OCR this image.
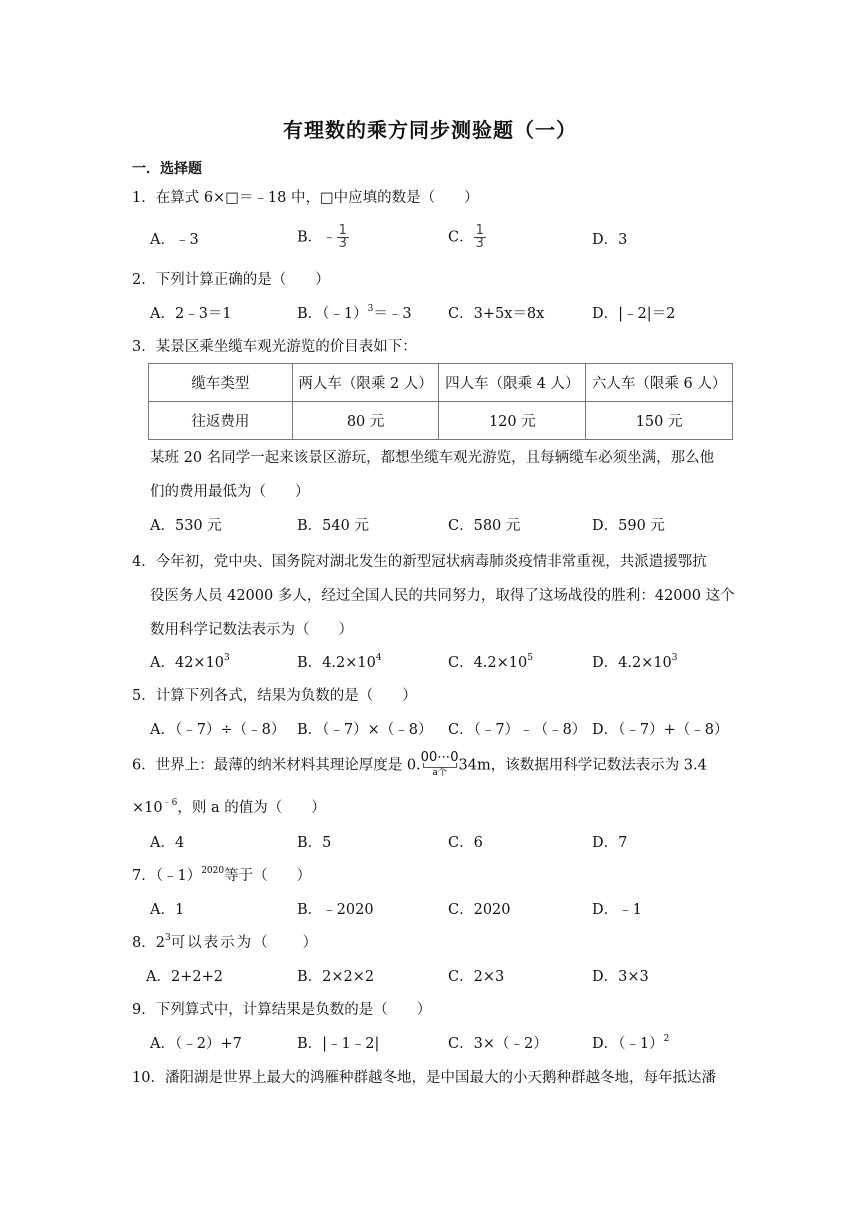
有理数的乘方同步测验题（一）
一．选择题
1．在算式 6×□＝﹣18 中，□中应填的数是（　　）
A．﹣3	B．﹣ $\frac{1}{3}$	C． $\frac{1}{3}$	D．3
2．下列计算正确的是（　　）
A．2﹣3＝1	B．（﹣1）$^3$＝﹣3	C．3+5x＝8x	D．|﹣2|＝2
3．某景区乘坐缆车观光游览的价目表如下：
缆车类型	两人车（限乘 2 人）	四人车（限乘 4 人）	六人车（限乘 6 人）
往返费用	80 元	120 元	150 元
某班 20 名同学一起来该景区游玩，都想坐缆车观光游览，且每辆缆车必须坐满，那么他
们的费用最低为（　　）
A．530 元	B．540 元	C．580 元	D．590 元
4．今年初，党中央、国务院对湖北发生的新型冠状病毒肺炎疫情非常重视，共派遣援鄂抗
役医务人员 42000 多人，经过全国人民的共同努力，取得了这场战役的胜利：42000 这个
数用科学记数法表示为（　　）
A．$42\times 10^3$	B．$4.2\times 10^4$	C．$4.2\times 10^5$	D．$4.2\times 10^3$
5．计算下列各式，结果为负数的是（　　）
A．（﹣7）÷（﹣8） B．（﹣7）×（﹣8） C．（﹣7）﹣（﹣8） D．（﹣7）+（﹣8）
6．世界上：最薄的纳米材料其理论厚度是 0. 00⋯0
a个 34m，该数据用科学记数法表示为 3.4
$\times 10^{﹣6}$，则 a 的值为（　　）
A．4	B．5	C．6	D．7
7．（﹣1）$^{2020}$等于（　　）
A．1	B．﹣2020	C．2020	D．﹣1
8．$2^3$可以表示为（　　）
A．2+2+2	B．2×2×2	C．2×3	D．3×3
9．下列算式中，计算结果是负数的是（　　）
A．（﹣2）+7	B．|﹣1﹣2|	C．3×（﹣2）	D．（﹣1）$^2$
10．潘阳湖是世界上最大的鸿雁种群越冬地，是中国最大的小天鹅种群越冬地，每年抵达潘
